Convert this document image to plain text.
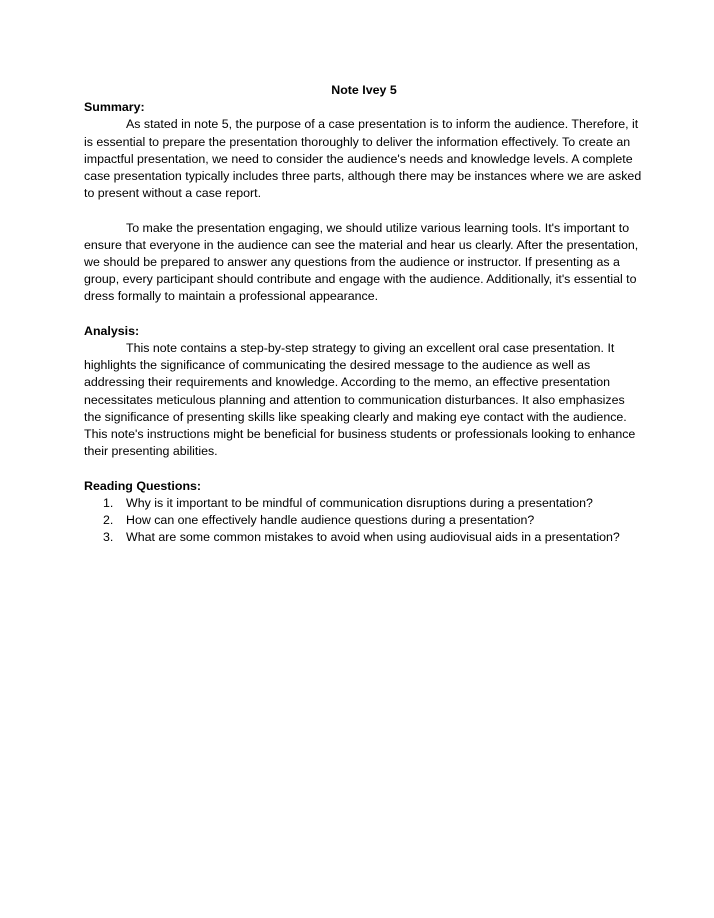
Note Ivey 5

Summary:

As stated in note 5, the purpose of a case presentation is to inform the audience. Therefore, it is essential to prepare the presentation thoroughly to deliver the information effectively. To create an impactful presentation, we need to consider the audience's needs and knowledge levels. A complete case presentation typically includes three parts, although there may be instances where we are asked to present without a case report.

To make the presentation engaging, we should utilize various learning tools. It's important to ensure that everyone in the audience can see the material and hear us clearly. After the presentation, we should be prepared to answer any questions from the audience or instructor. If presenting as a group, every participant should contribute and engage with the audience. Additionally, it's essential to dress formally to maintain a professional appearance.

Analysis:

This note contains a step-by-step strategy to giving an excellent oral case presentation. It highlights the significance of communicating the desired message to the audience as well as addressing their requirements and knowledge. According to the memo, an effective presentation necessitates meticulous planning and attention to communication disturbances. It also emphasizes the significance of presenting skills like speaking clearly and making eye contact with the audience. This note's instructions might be beneficial for business students or professionals looking to enhance their presenting abilities.

Reading Questions:

1. Why is it important to be mindful of communication disruptions during a presentation?
2. How can one effectively handle audience questions during a presentation?
3. What are some common mistakes to avoid when using audiovisual aids in a presentation?
